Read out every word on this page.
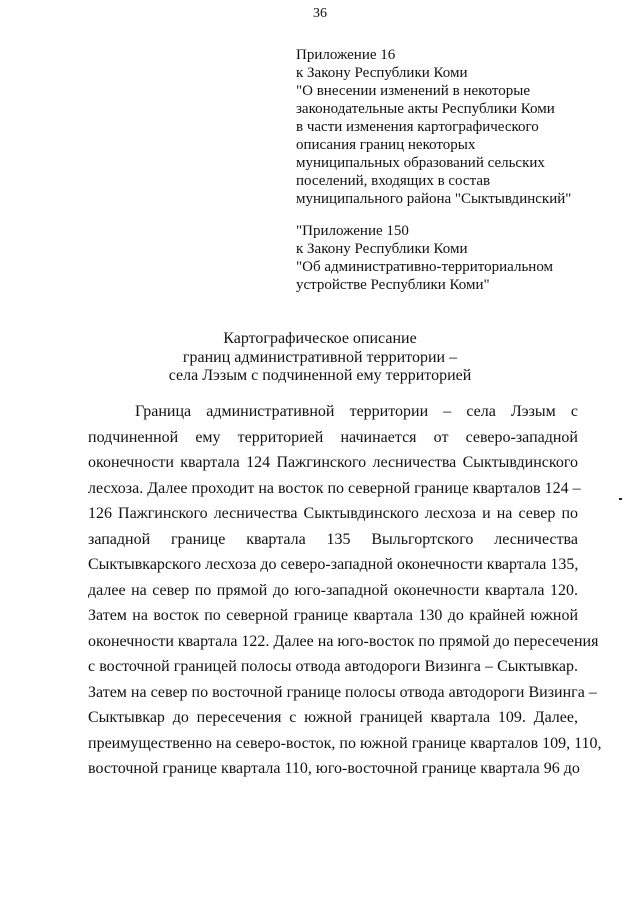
36
Приложение 16
к Закону Республики Коми
"О внесении изменений в некоторые
законодательные акты Республики Коми
в части изменения картографического
описания границ некоторых
муниципальных образований сельских
поселений, входящих в состав
муниципального района "Сыктывдинский"
"Приложение 150
к Закону Республики Коми
"Об административно-территориальном
устройстве Республики Коми"
Картографическое описание
границ административной территории –
села Лэзым с подчиненной ему территорией
Граница административной территории – села Лэзым с
подчиненной ему территорией начинается от северо-западной
оконечности квартала 124 Пажгинского лесничества Сыктывдинского
лесхоза. Далее проходит на восток по северной границе кварталов 124 –
126 Пажгинского лесничества Сыктывдинского лесхоза и на север по
западной границе квартала 135 Выльгортского лесничества
Сыктывкарского лесхоза до северо-западной оконечности квартала 135,
далее на север по прямой до юго-западной оконечности квартала 120.
Затем на восток по северной границе квартала 130 до крайней южной
оконечности квартала 122. Далее на юго-восток по прямой до пересечения
с восточной границей полосы отвода автодороги Визинга – Сыктывкар.
Затем на север по восточной границе полосы отвода автодороги Визинга –
Сыктывкар до пересечения с южной границей квартала 109. Далее,
преимущественно на северо-восток, по южной границе кварталов 109, 110,
восточной границе квартала 110, юго-восточной границе квартала 96 до
